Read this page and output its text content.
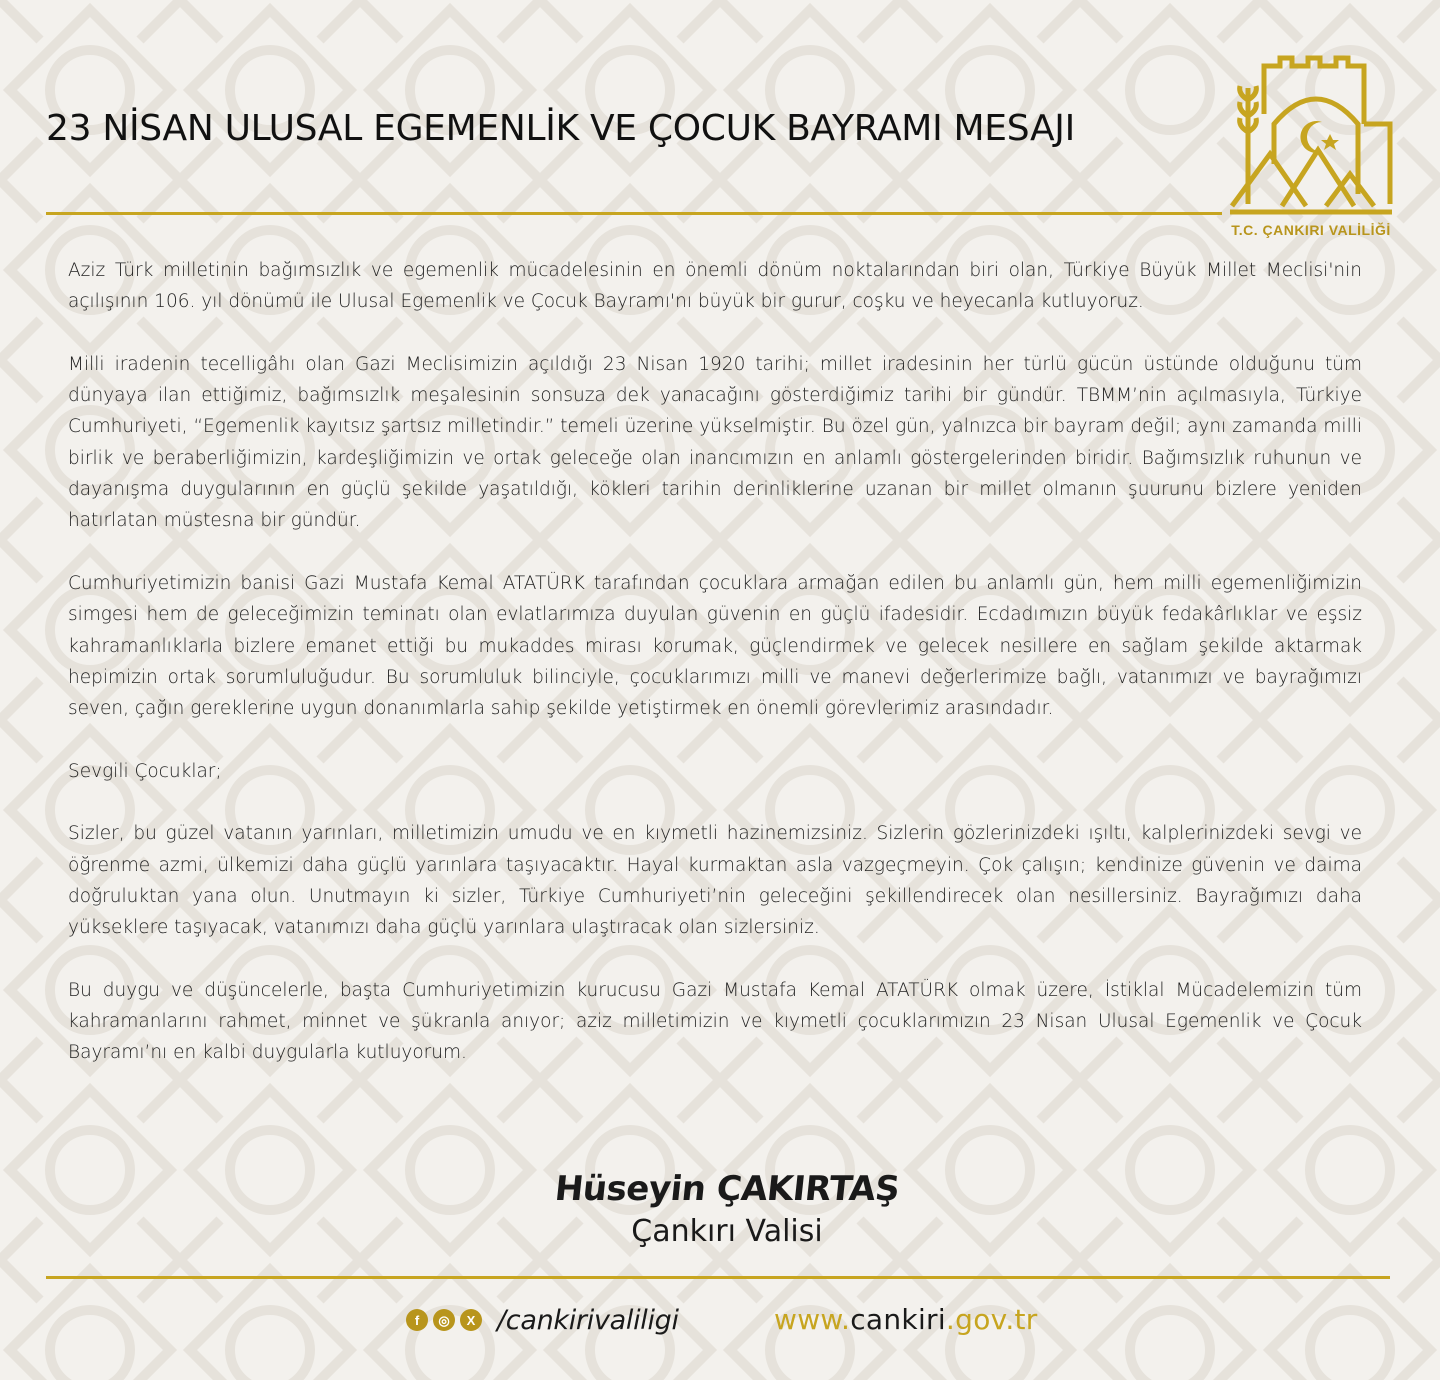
23 NİSAN ULUSAL EGEMENLİK VE ÇOCUK BAYRAMI MESAJI
T.C. ÇANKIRI VALİLİĞİ

Aziz Türk milletinin bağımsızlık ve egemenlik mücadelesinin en önemli dönüm noktalarından biri olan, Türkiye Büyük Millet Meclisi'nin açılışının 106. yıl dönümü ile Ulusal Egemenlik ve Çocuk Bayramı'nı büyük bir gurur, coşku ve heyecanla kutluyoruz.

Milli iradenin tecelligâhı olan Gazi Meclisimizin açıldığı 23 Nisan 1920 tarihi; millet iradesinin her türlü gücün üstünde olduğunu tüm dünyaya ilan ettiğimiz, bağımsızlık meşalesinin sonsuza dek yanacağını gösterdiğimiz tarihi bir gündür. TBMM’nin açılmasıyla, Türkiye Cumhuriyeti, “Egemenlik kayıtsız şartsız milletindir.” temeli üzerine yükselmiştir. Bu özel gün, yalnızca bir bayram değil; aynı zamanda milli birlik ve beraberliğimizin, kardeşliğimizin ve ortak geleceğe olan inancımızın en anlamlı göstergelerinden biridir. Bağımsızlık ruhunun ve dayanışma duygularının en güçlü şekilde yaşatıldığı, kökleri tarihin derinliklerine uzanan bir millet olmanın şuurunu bizlere yeniden hatırlatan müstesna bir gündür.

Cumhuriyetimizin banisi Gazi Mustafa Kemal ATATÜRK tarafından çocuklara armağan edilen bu anlamlı gün, hem milli egemenliğimizin simgesi hem de geleceğimizin teminatı olan evlatlarımıza duyulan güvenin en güçlü ifadesidir. Ecdadımızın büyük fedakârlıklar ve eşsiz kahramanlıklarla bizlere emanet ettiği bu mukaddes mirası korumak, güçlendirmek ve gelecek nesillere en sağlam şekilde aktarmak hepimizin ortak sorumluluğudur. Bu sorumluluk bilinciyle, çocuklarımızı milli ve manevi değerlerimize bağlı, vatanımızı ve bayrağımızı seven, çağın gereklerine uygun donanımlarla sahip şekilde yetiştirmek en önemli görevlerimiz arasındadır.

Sevgili Çocuklar;

Sizler, bu güzel vatanın yarınları, milletimizin umudu ve en kıymetli hazinemizsiniz. Sizlerin gözlerinizdeki ışıltı, kalplerinizdeki sevgi ve öğrenme azmi, ülkemizi daha güçlü yarınlara taşıyacaktır. Hayal kurmaktan asla vazgeçmeyin. Çok çalışın; kendinize güvenin ve daima doğruluktan yana olun. Unutmayın ki sizler, Türkiye Cumhuriyeti’nin geleceğini şekillendirecek olan nesillersiniz. Bayrağımızı daha yükseklere taşıyacak, vatanımızı daha güçlü yarınlara ulaştıracak olan sizlersiniz.

Bu duygu ve düşüncelerle, başta Cumhuriyetimizin kurucusu Gazi Mustafa Kemal ATATÜRK olmak üzere, İstiklal Mücadelemizin tüm kahramanlarını rahmet, minnet ve şükranla anıyor; aziz milletimizin ve kıymetli çocuklarımızın 23 Nisan Ulusal Egemenlik ve Çocuk Bayramı’nı en kalbi duygularla kutluyorum.

Hüseyin ÇAKIRTAŞ
Çankırı Valisi
f	◎	X /cankirivaliligi	www.cankiri.gov.tr
